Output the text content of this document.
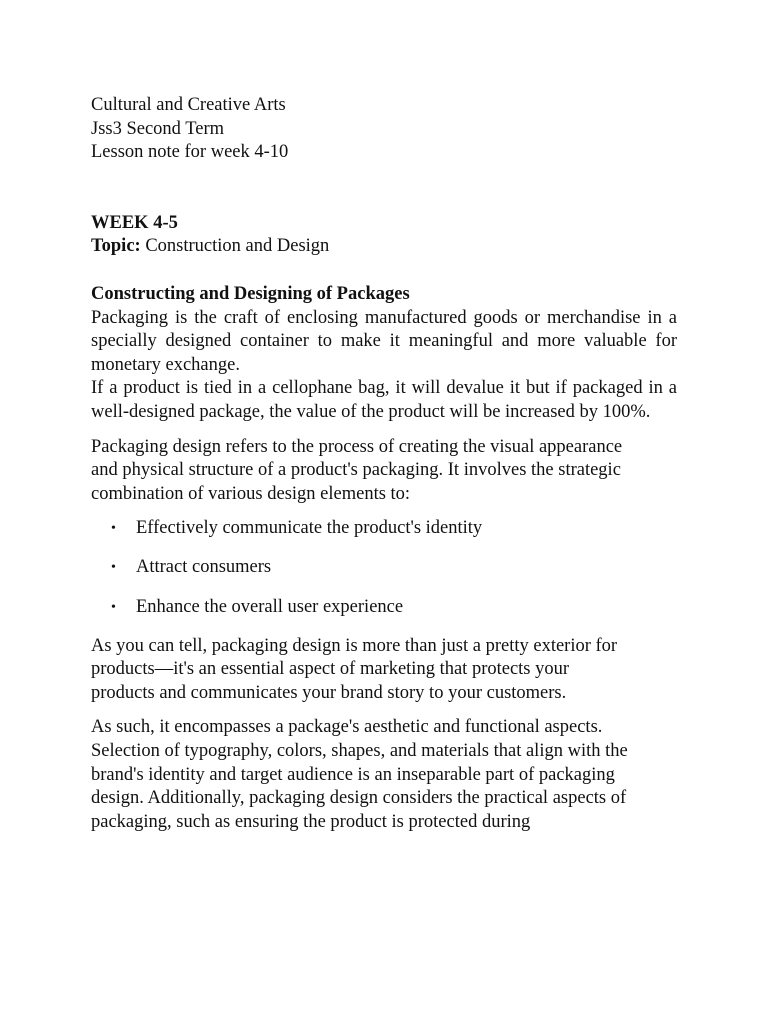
Cultural and Creative Arts
Jss3 Second Term
Lesson note for week 4-10
WEEK 4-5
Topic: Construction and Design
Constructing and Designing of Packages

Packaging is the craft of enclosing manufactured goods or merchandise in a specially designed container to make it meaningful and more valuable for monetary exchange.

If a product is tied in a cellophane bag, it will devalue it but if packaged in a well-designed package, the value of the product will be increased by 100%.

Packaging design refers to the process of creating the visual appearance
and physical structure of a product's packaging. It involves the strategic
combination of various design elements to:

• Effectively communicate the product's identity
• Attract consumers
• Enhance the overall user experience

As you can tell, packaging design is more than just a pretty exterior for
products—it's an essential aspect of marketing that protects your
products and communicates your brand story to your customers.

As such, it encompasses a package's aesthetic and functional aspects.
Selection of typography, colors, shapes, and materials that align with the
brand's identity and target audience is an inseparable part of packaging
design. Additionally, packaging design considers the practical aspects of
packaging, such as ensuring the product is protected during
